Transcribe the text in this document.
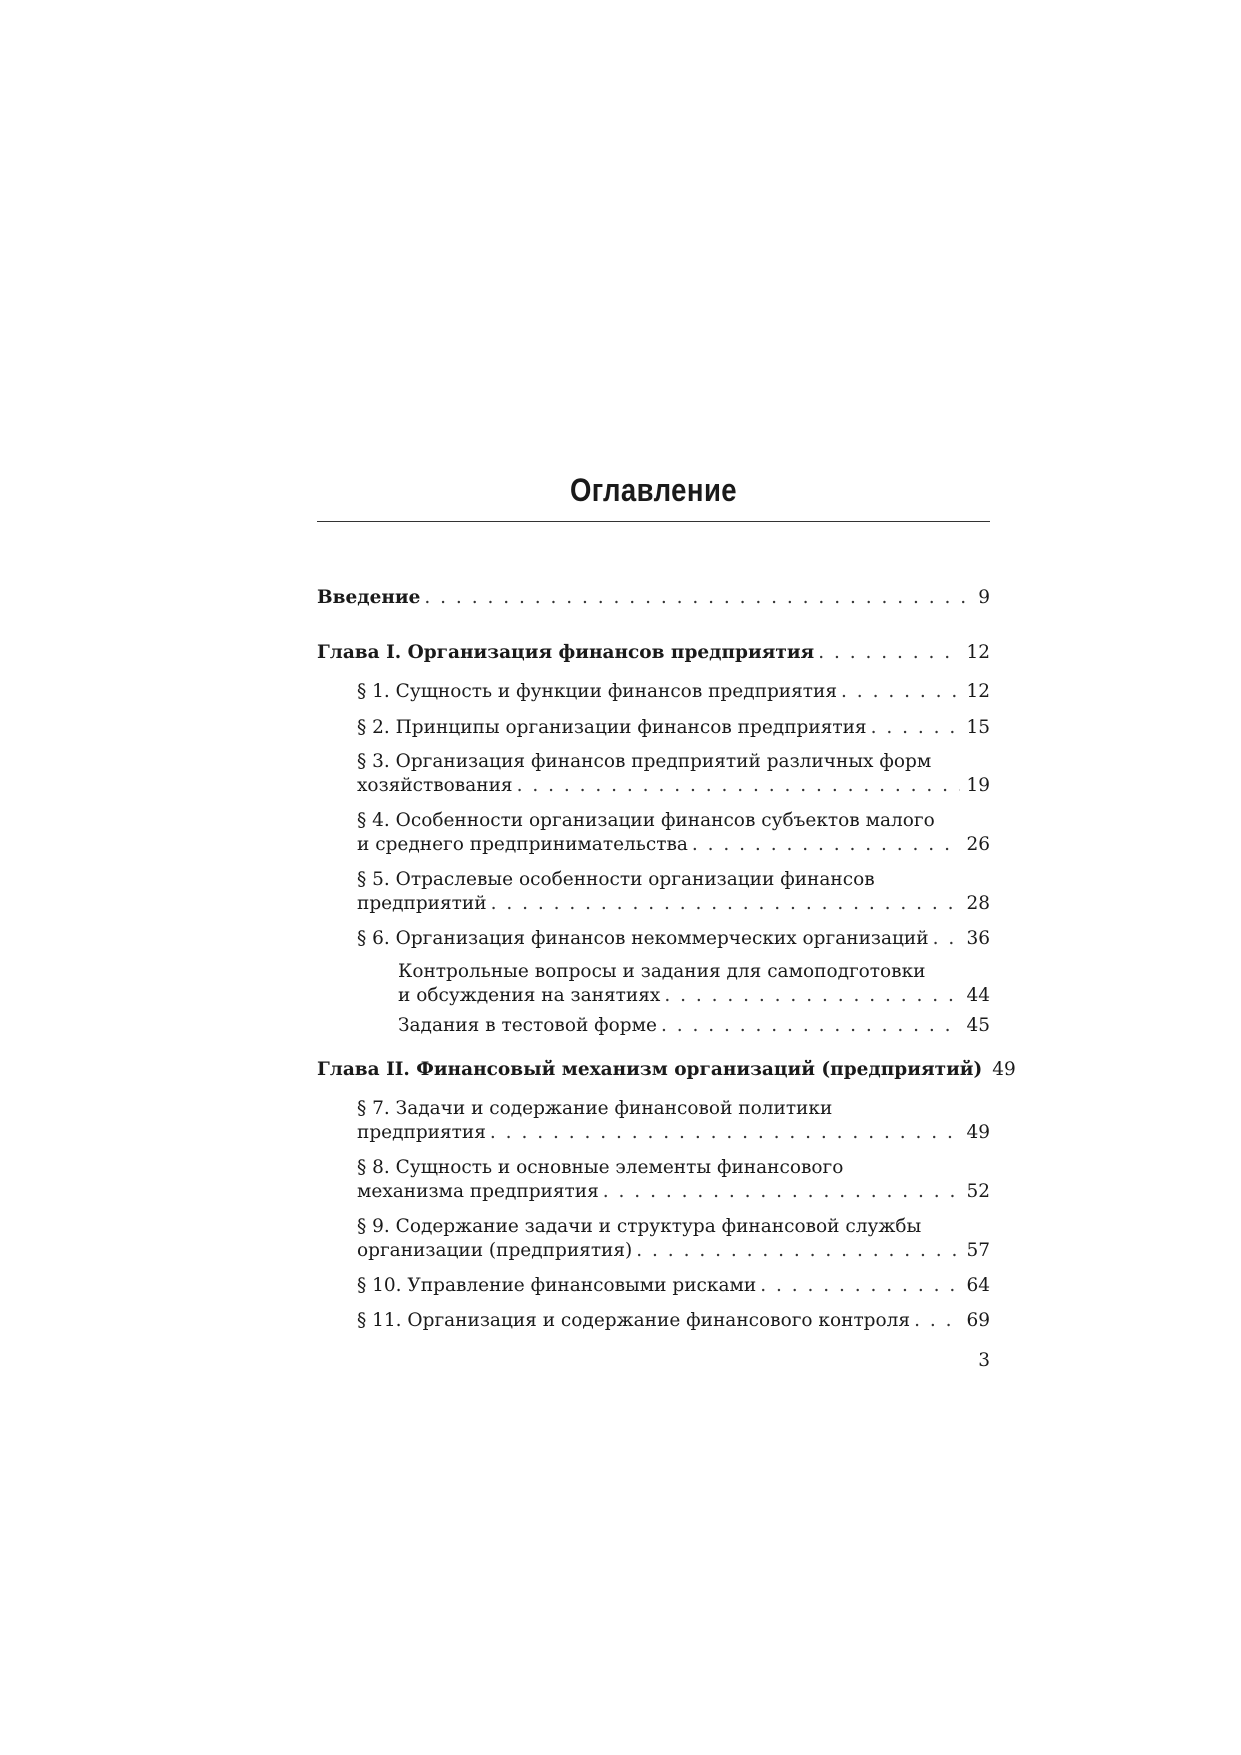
Оглавление
Введение . . .	9
Глава I. Организация финансов предприятия . . .	12
§ 1. Сущность и функции финансов предприятия . . .	12
§ 2. Принципы организации финансов предприятия . . .	15
§ 3. Организация финансов предприятий различных форм
хозяйствования . . .	19
§ 4. Особенности организации финансов субъектов малого
и среднего предпринимательства . . .	26
§ 5. Отраслевые особенности организации финансов
предприятий . . .	28
§ 6. Организация финансов некоммерческих организаций . . . 36
Контрольные вопросы и задания для самоподготовки
и обсуждения на занятиях . . .	44
Задания в тестовой форме . . .	45
Глава II. Финансовый механизм организаций (предприятий) 49
§ 7. Задачи и содержание финансовой политики
предприятия . . .	49
§ 8. Сущность и основные элементы финансового
механизма предприятия . . .	52
§ 9. Содержание задачи и структура финансовой службы
организации (предприятия) . . .	57
§ 10. Управление финансовыми рисками . . .	64
§ 11. Организация и содержание финансового контроля . . .	69
3
